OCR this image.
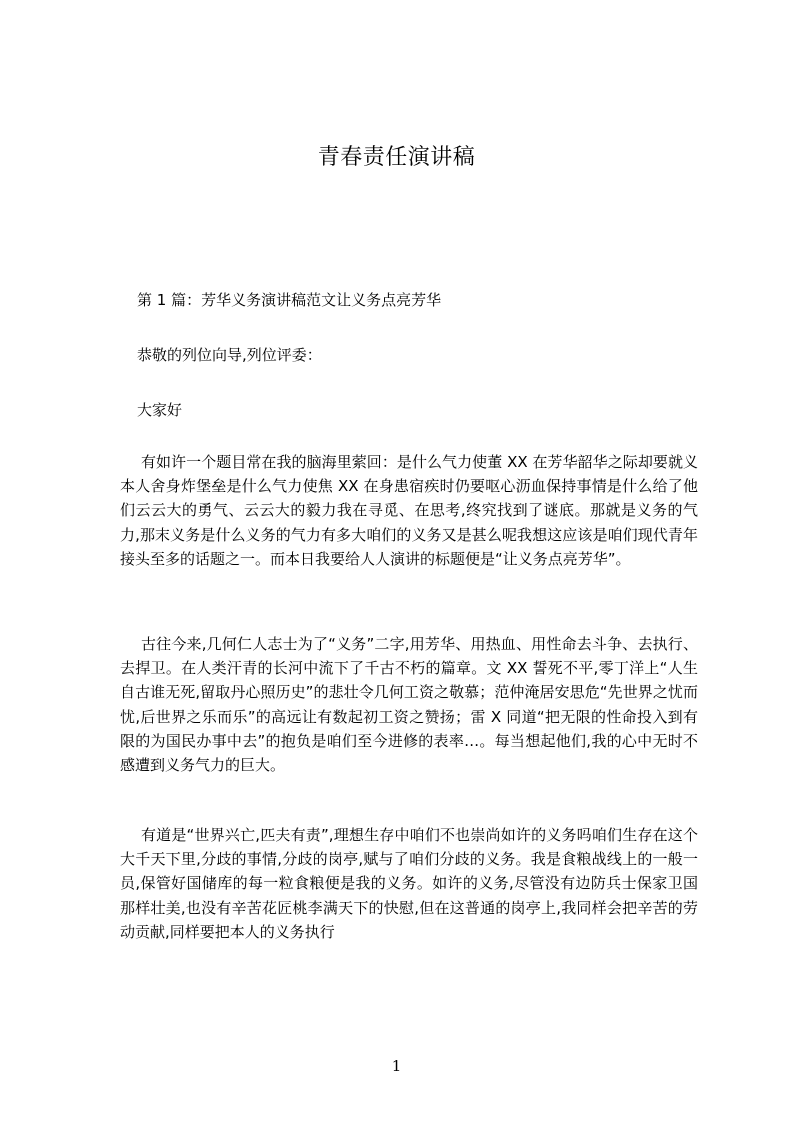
青春责任演讲稿
第 1 篇：芳华义务演讲稿范文让义务点亮芳华
恭敬的列位向导,列位评委：
大家好
有如许一个题目常在我的脑海里萦回：是什么气力使董 XX 在芳华韶华之际却要就义本人舍身炸堡垒是什么气力使焦 XX 在身患宿疾时仍要呕心沥血保持事情是什么给了他们云云大的勇气、云云大的毅力我在寻觅、在思考,终究找到了谜底。那就是义务的气力,那末义务是什么义务的气力有多大咱们的义务又是甚么呢我想这应该是咱们现代青年接头至多的话题之一。而本日我要给人人演讲的标题便是“让义务点亮芳华”。
古往今来,几何仁人志士为了“义务”二字,用芳华、用热血、用性命去斗争、去执行、去捍卫。在人类汗青的长河中流下了千古不朽的篇章。文 XX 誓死不平,零丁洋上“人生自古谁无死,留取丹心照历史”的悲壮令几何工资之敬慕；范仲淹居安思危“先世界之忧而忧,后世界之乐而乐”的高远让有数起初工资之赞扬；雷 X 同道“把无限的性命投入到有限的为国民办事中去”的抱负是咱们至今进修的表率…。每当想起他们,我的心中无时不感遭到义务气力的巨大。
有道是“世界兴亡,匹夫有责”,理想生存中咱们不也崇尚如许的义务吗咱们生存在这个大千天下里,分歧的事情,分歧的岗亭,赋与了咱们分歧的义务。我是食粮战线上的一般一员,保管好国储库的每一粒食粮便是我的义务。如许的义务,尽管没有边防兵士保家卫国那样壮美,也没有辛苦花匠桃李满天下的快慰,但在这普通的岗亭上,我同样会把辛苦的劳动贡献,同样要把本人的义务执行
1
